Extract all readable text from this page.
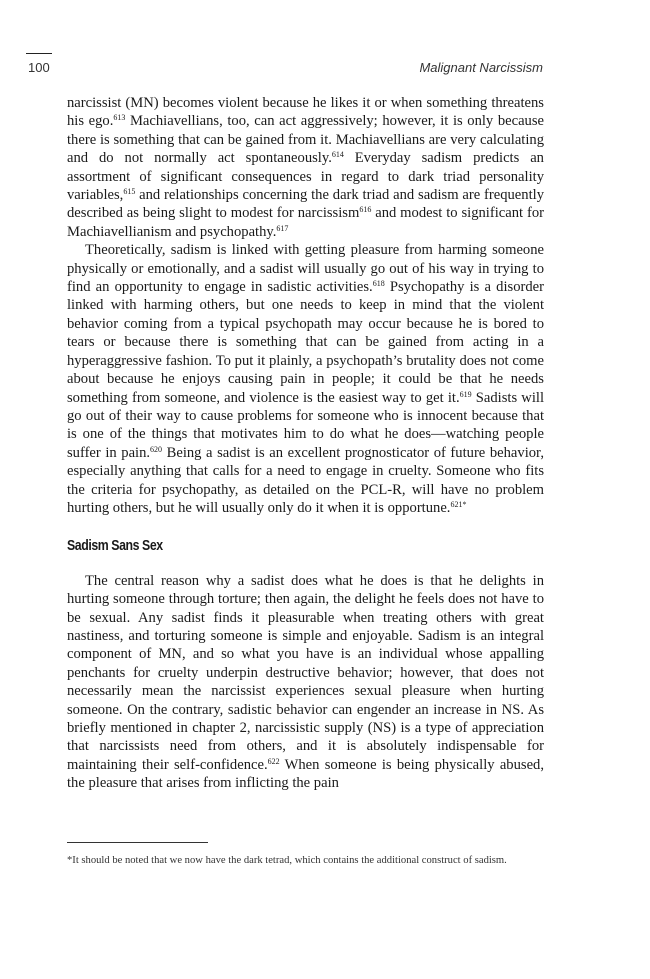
100	Malignant Narcissism

narcissist (MN) becomes violent because he likes it or when something threatens his ego.$^{613}$ Machiavellians, too, can act aggressively; however, it is only because there is something that can be gained from it. Machiavellians are very calculating and do not normally act spontaneously.$^{614}$ Everyday sadism predicts an assortment of significant consequences in regard to dark triad personality variables,$^{615}$ and relationships concerning the dark triad and sadism are frequently described as being slight to modest for narcissism$^{616}$ and modest to significant for Machiavellianism and psychopathy.$^{617}$

Theoretically, sadism is linked with getting pleasure from harming someone physically or emotionally, and a sadist will usually go out of his way in trying to find an opportunity to engage in sadistic activities.$^{618}$ Psychopathy is a disorder linked with harming others, but one needs to keep in mind that the violent behavior coming from a typical psychopath may occur because he is bored to tears or because there is something that can be gained from acting in a hyperaggressive fashion. To put it plainly, a psychopath’s brutality does not come about because he enjoys causing pain in people; it could be that he needs something from someone, and violence is the easiest way to get it.$^{619}$ Sadists will go out of their way to cause problems for someone who is innocent because that is one of the things that motivates him to do what he does—watching people suffer in pain.$^{620}$ Being a sadist is an excellent prognosticator of future behavior, especially anything that calls for a need to engage in cruelty. Someone who fits the criteria for psychopathy, as detailed on the PCL-R, will have no problem hurting others, but he will usually only do it when it is opportune.$^{621*}$

Sadism Sans Sex

The central reason why a sadist does what he does is that he delights in hurting someone through torture; then again, the delight he feels does not have to be sexual. Any sadist finds it pleasurable when treating others with great nastiness, and torturing someone is simple and enjoyable. Sadism is an integral component of MN, and so what you have is an individual whose appalling penchants for cruelty underpin destructive behavior; however, that does not necessarily mean the narcissist experiences sexual pleasure when hurting someone. On the contrary, sadistic behavior can engender an increase in NS. As briefly mentioned in chapter 2, narcissistic supply (NS) is a type of appreciation that narcissists need from others, and it is absolutely indispensable for maintaining their self-confidence.$^{622}$ When someone is being physically abused, the pleasure that arises from inflicting the pain

*It should be noted that we now have the dark tetrad, which contains the additional construct of sadism.
